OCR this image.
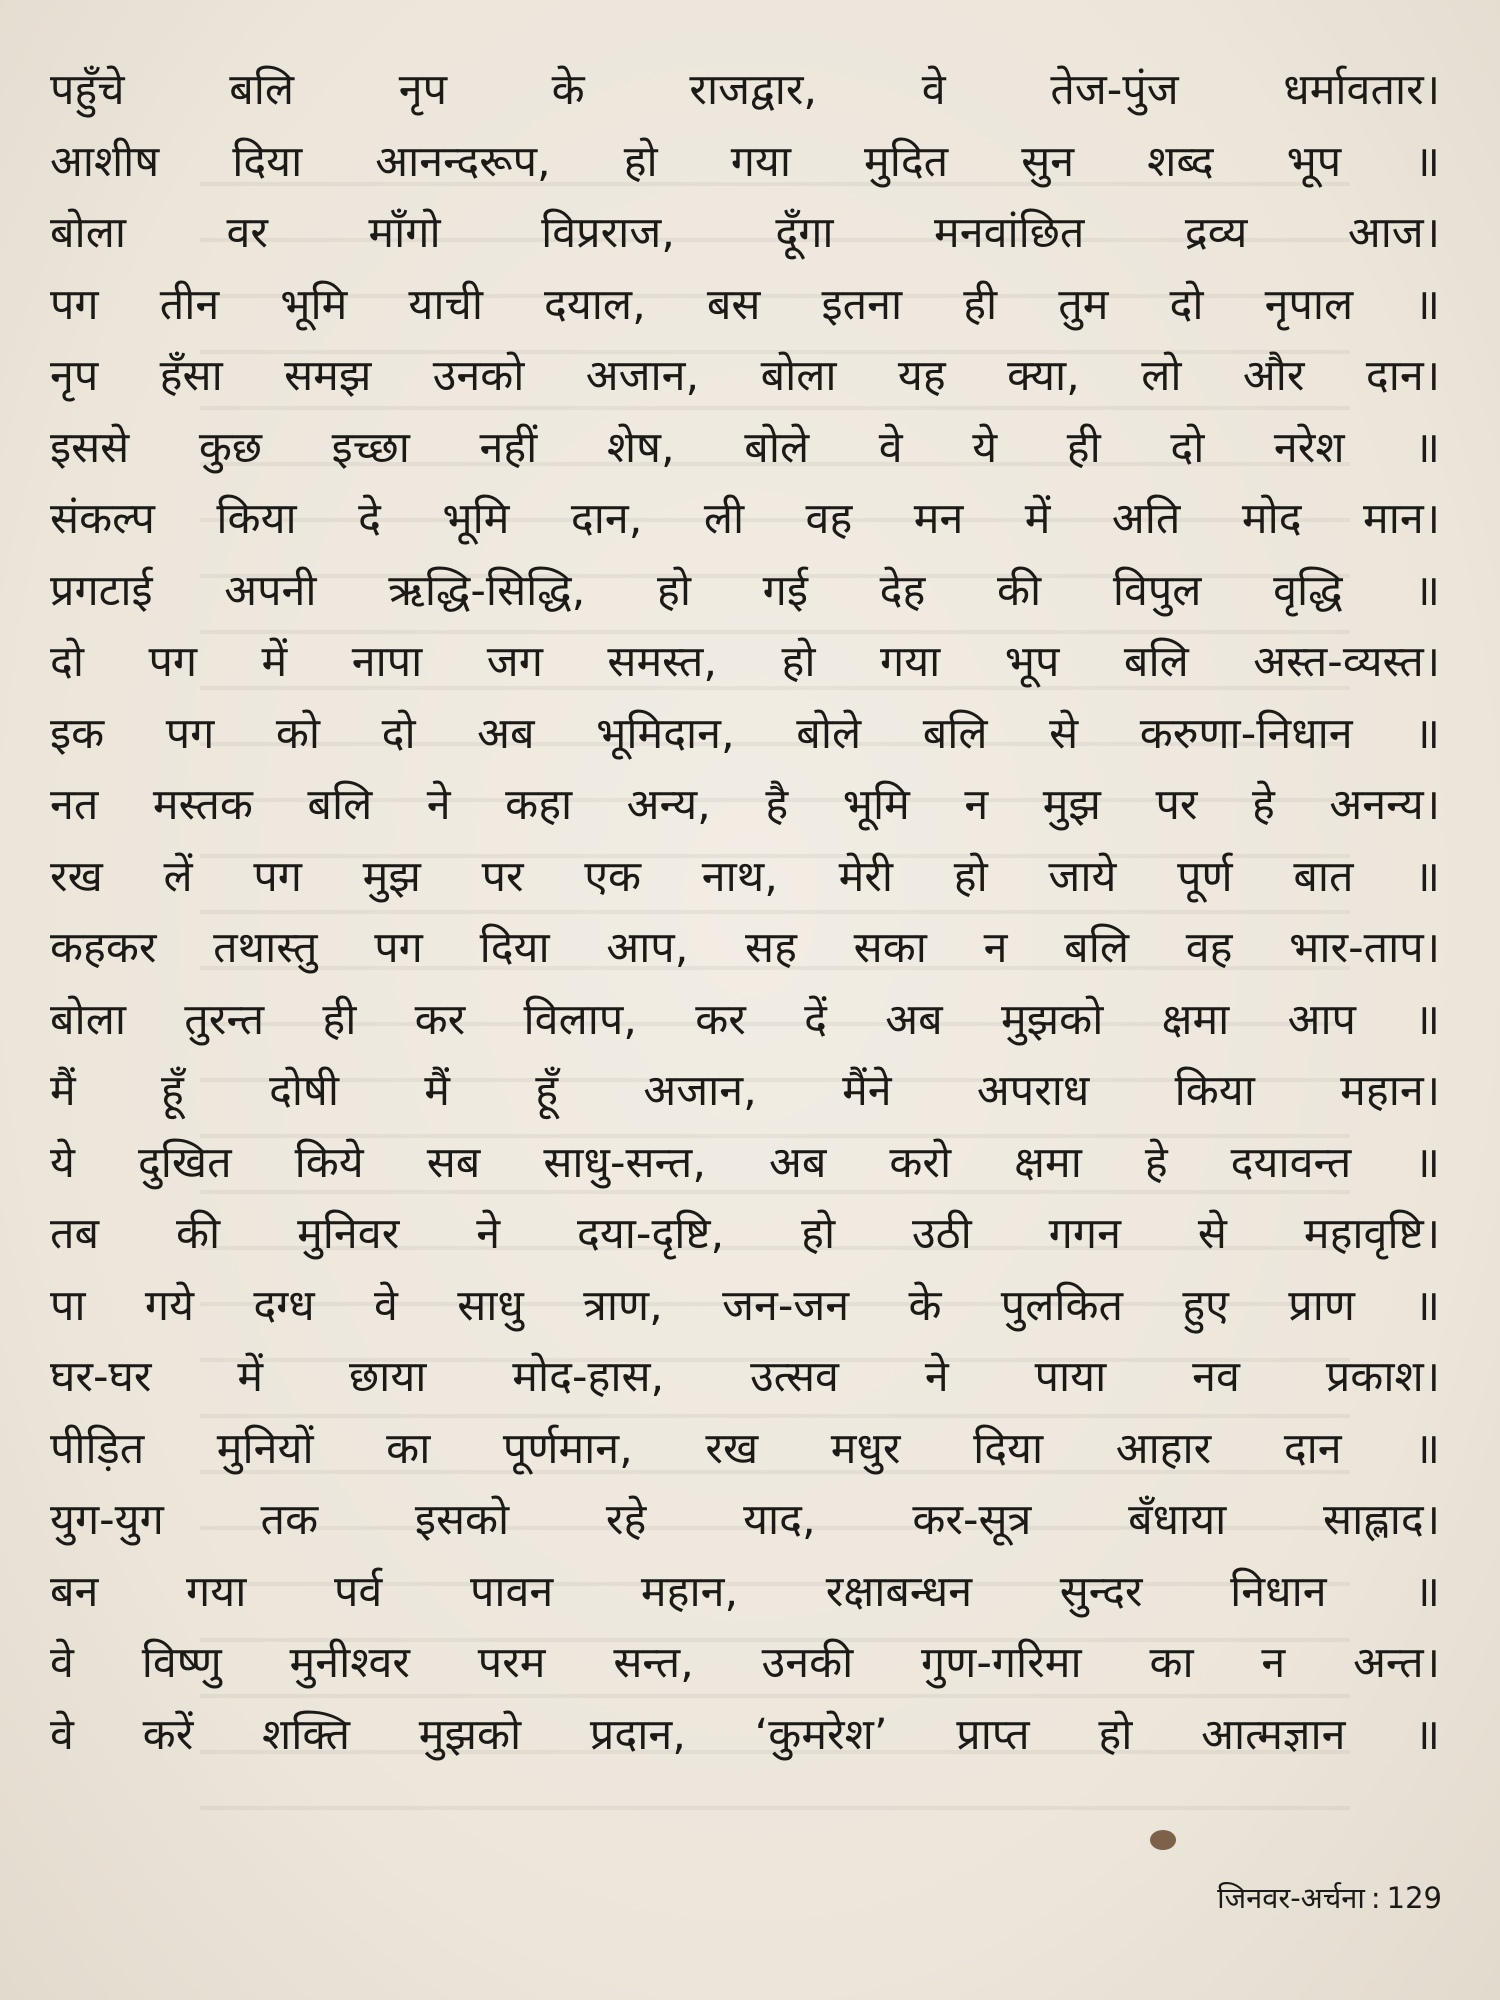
पहुँचे बलि नृप के राजद्वार, वे तेज-पुंज धर्मावतार।
आशीष दिया आनन्दरूप, हो गया मुदित सुन शब्द भूप ॥
बोला वर माँगो विप्रराज, दूँगा मनवांछित द्रव्य आज।
पग तीन भूमि याची दयाल, बस इतना ही तुम दो नृपाल ॥
नृप हँसा समझ उनको अजान, बोला यह क्या, लो और दान।
इससे कुछ इच्छा नहीं शेष, बोले वे ये ही दो नरेश ॥
संकल्प किया दे भूमि दान, ली वह मन में अति मोद मान।
प्रगटाई अपनी ऋद्धि-सिद्धि, हो गई देह की विपुल वृद्धि ॥
दो पग में नापा जग समस्त, हो गया भूप बलि अस्त-व्यस्त।
इक पग को दो अब भूमिदान, बोले बलि से करुणा-निधान ॥
नत मस्तक बलि ने कहा अन्य, है भूमि न मुझ पर हे अनन्य।
रख लें पग मुझ पर एक नाथ, मेरी हो जाये पूर्ण बात ॥
कहकर तथास्तु पग दिया आप, सह सका न बलि वह भार-ताप।
बोला तुरन्त ही कर विलाप, कर दें अब मुझको क्षमा आप ॥
मैं हूँ दोषी मैं हूँ अजान, मैंने अपराध किया महान।
ये दुखित किये सब साधु-सन्त, अब करो क्षमा हे दयावन्त ॥
तब की मुनिवर ने दया-दृष्टि, हो उठी गगन से महावृष्टि।
पा गये दग्ध वे साधु त्राण, जन-जन के पुलकित हुए प्राण ॥
घर-घर में छाया मोद-हास, उत्सव ने पाया नव प्रकाश।
पीड़ित मुनियों का पूर्णमान, रख मधुर दिया आहार दान ॥
युग-युग तक इसको रहे याद, कर-सूत्र बँधाया साह्लाद।
बन गया पर्व पावन महान, रक्षाबन्धन सुन्दर निधान ॥
वे विष्णु मुनीश्वर परम सन्त, उनकी गुण-गरिमा का न अन्त।
वे करें शक्ति मुझको प्रदान, ‘कुमरेश’ प्राप्त हो आत्मज्ञान ॥
जिनवर-अर्चना : 129
